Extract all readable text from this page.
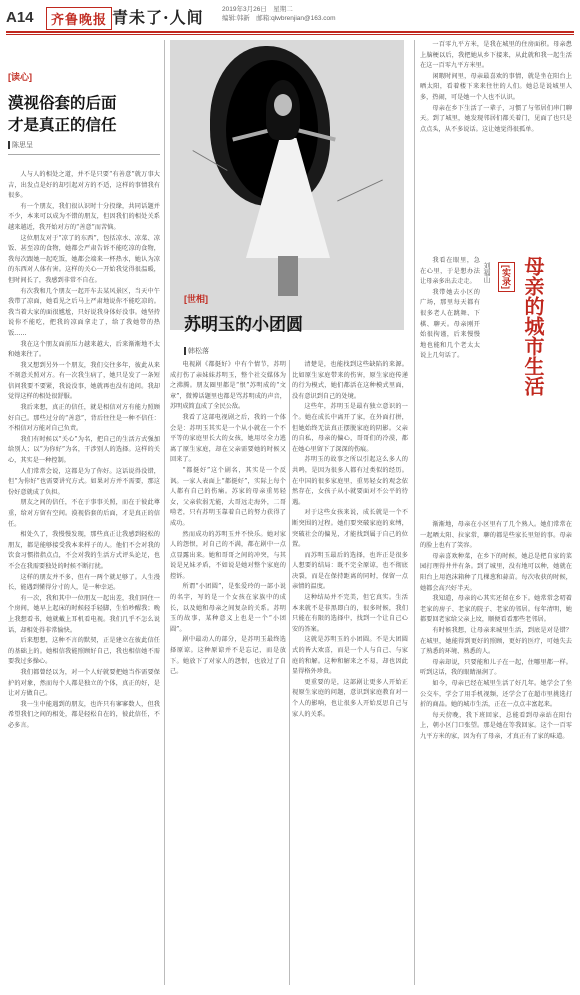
A14	齐鲁晚报 青未了·人间	2019年3月26日　星期二
编辑:韩新　邮箱:qlwbrenjian@163.com
[读心]
漠视俗套的后面
才是真正的信任
陈思呈

人与人的相处之道，并不是只要“有善意”就万事大吉，出发点是好的却引起对方的不适，这样的事情我有很多。

有一个朋友，我们很认识时十分投缘，共同话题并不少，本来可以成为不错的朋友，但因我们的相处关系越来越近，我开始对方的“善意”而苦恼。

这位朋友对于“凉了的东西”，包括凉水、凉菜、凉饭、甚至凉的食物，她都会严肃告诉不能吃凉的食物，我每次跟她一起吃饭，她都会端来一杯热水，她认为凉的东西对人体有害。这样的关心一开始我觉得很温暖，但时间长了，我感到非常不自在。

有次我和几个朋友一起开车去某风景区，当天中午我带了凉面，她看见之后马上严肃地说你不能吃凉的。我当着大家的面很尴尬，只好说我身体好没事。她坚持说你不能吃，把我的凉面拿走了，给了我她带的热饭……

我在这个朋友面前压力越来越大，后来渐渐地不太和她来往了。

我又想到另外一个朋友，我们交往多年，彼此从来不刻意关照对方。有一次我生病了，她只是发了一条短信问我要不要紧，我说没事，她就再也没有追问。我却觉得这样的相处很舒服。

我后来想，真正的信任，就是相信对方有能力照顾好自己。那些过分的“善意”，背后往往是一种不信任：不相信对方能对自己负责。

我们有时候以“关心”为名，把自己的生活方式强加给别人；以“为你好”为名，干涉别人的选择。这样的关心，其实是一种控制。

人们常常会说，这都是为了你好。这话说得没错，但“为你好”也需要讲究方式。如果对方并不需要，那这份好意就成了负担。

朋友之间的信任，不在于事事关照，而在于彼此尊重，给对方留有空间。漠视俗套的后面，才是真正的信任。

相处久了，我慢慢发现，那些真正让我感到轻松的朋友，都是能够接受我本来样子的人。他们不会对我的饮食习惯指指点点，不会对我的生活方式评头论足，也不会在我需要独处的时候不断打扰。

这样的朋友并不多，但有一两个就足够了。人生漫长，能遇到懂得分寸的人，是一种幸运。

有一次，我和其中一位朋友一起出差，我们同住一个房间，她早上起床的时候轻手轻脚，生怕吵醒我；晚上我想看书，她就戴上耳机看电视。我们几乎不怎么说话，却相处得非常愉快。

后来想想，这种不言的默契，正是建立在彼此信任的基础上的。她相信我能照顾好自己，我也相信她不需要我过多操心。

我们都曾经以为，对一个人好就要把她当作需要保护的对象，然而每个人都是独立的个体，真正的好，是让对方做自己。

我一生中能遇到的朋友，也许只有寥寥数人，但我希望我们之间的相处，都是轻松自在的，彼此信任，不必多言。

[世相]
苏明玉的小团圆
韩松落

电视剧《都挺好》中有个情节，苏明成打伤了亲妹妹苏明玉，整个社交媒体为之沸腾。朋友圈里都是“恨”苏明成的“文章”，微博话题里也都是骂苏明成的声音，苏明成简直成了全民公敌。

我看了这部电视剧之后，我的一个体会是：苏明玉其实是一个从小就在一个不平等的家庭里长大的女孩，她用尽全力逃离了原生家庭，却在父亲需要她的时候又回来了。

“都挺好”这个剧名，其实是一个反讽。一家人表面上“都挺好”，实际上每个人都有自己的伤痛。苏家的母亲重男轻女，父亲软弱无能，大哥远走海外，二哥啃老，只有苏明玉靠着自己的努力获得了成功。

然而成功的苏明玉并不快乐。她对家人的怨恨，对自己的不满，都在剧中一点点显露出来。她和哥哥之间的冲突，与其说是兄妹矛盾，不如说是她对整个家庭的控诉。

所谓“小团圆”，是张爱玲的一部小说的名字，写的是一个女孩在家族中的成长，以及她和母亲之间复杂的关系。苏明玉的故事，某种意义上也是一个“小团圆”。

剧中最动人的部分，是苏明玉最终选择原谅。这种原谅并不是忘记，而是放下。她放下了对家人的怨恨，也放过了自己。

清楚是，也能找到这些缺陷的来源。比如原生家庭带来的伤害，原生家庭传递的行为模式，她们都活在这种模式里面，没有意识到自己的处境。

这些年，苏明玉是最有独立意识的一个。她在成长中离开了家，在外面打拼，但她始终无法真正摆脱家庭的阴影。父亲的自私，母亲的偏心，哥哥们的冷漠，都在她心里留下了深深的伤痕。

苏明玉的故事之所以引起这么多人的共鸣，是因为很多人都有过类似的经历。在中国的很多家庭里，重男轻女的观念依然存在，女孩子从小就要面对不公平的待遇。

对于这些女孩来说，成长就是一个不断突围的过程。她们要突破家庭的束缚，突破社会的偏见，才能找到属于自己的位置。

而苏明玉最后的选择，也许正是很多人想要的结局：既不完全原谅，也不彻底决裂，而是在保持距离的同时，保留一点亲情的温度。

这种结局并不完美，但它真实。生活本来就不是非黑即白的，很多时候，我们只能在有限的选择中，找到一个让自己心安的答案。

这就是苏明玉的小团圆。不是大团圆式的皆大欢喜，而是一个人与自己、与家庭的和解。这种和解来之不易，却也因此显得格外珍贵。

更重要的是，这部剧让更多人开始正视原生家庭的问题，意识到家庭教育对一个人的影响，也让很多人开始反思自己与家人的关系。

一百零九平方米，是我在城里的住房面积。母亲患上脑梗以后，我把她从乡下接来，从此就和我一起生活在这一百零九平方米里。

闲暇时间里，母亲最喜欢的事情，就是坐在阳台上晒太阳，看着楼下来来往往的人们。她总是说城里人多，热闹，可是她一个人也不认识。

母亲在乡下生活了一辈子，习惯了与邻居们串门聊天。到了城里，她发现邻居们都关着门，见面了也只是点点头，从不多说话。这让她觉得很孤单。

我看在眼里，急在心里，于是想办法让母亲多出去走走。

我带她去小区的广场，那里每天都有很多老人在跳舞、下棋、聊天。母亲刚开始很拘谨，后来慢慢地也能和几个老太太说上几句话了。

刘福山	[实录] 母亲的城市生活

渐渐地，母亲在小区里有了几个熟人。她们常常在一起晒太阳、拉家常，聊的都是些家长里短的事。母亲的脸上也有了笑容。

母亲喜欢种菜，在乡下的时候，她总是把自家的菜园打理得井井有条。到了城里，没有地可以种，她就在阳台上用泡沫箱种了几棵葱和蒜苗。每次收获的时候，她都会高兴好半天。

我知道，母亲的心其实还留在乡下。她常常念叨着老家的房子、老家的院子、老家的邻居。每年清明，她都要回老家给父亲上坟，顺便看看那些老邻居。

有时候我想，让母亲来城里生活，到底是对是错？在城里，她能得到更好的照顾，更好的医疗，可她失去了熟悉的环境、熟悉的人。

母亲却说，只要能和儿子在一起，住哪里都一样。听到这话，我的眼睛湿润了。

如今，母亲已经在城里生活了好几年。她学会了坐公交车，学会了用手机视频，还学会了在超市里挑选打折的商品。她的城市生活，正在一点点丰富起来。

每天傍晚，我下班回家，总能看到母亲站在阳台上，朝小区门口张望。那是她在等我回家。这个一百零九平方米的家，因为有了母亲，才真正有了家的味道。
